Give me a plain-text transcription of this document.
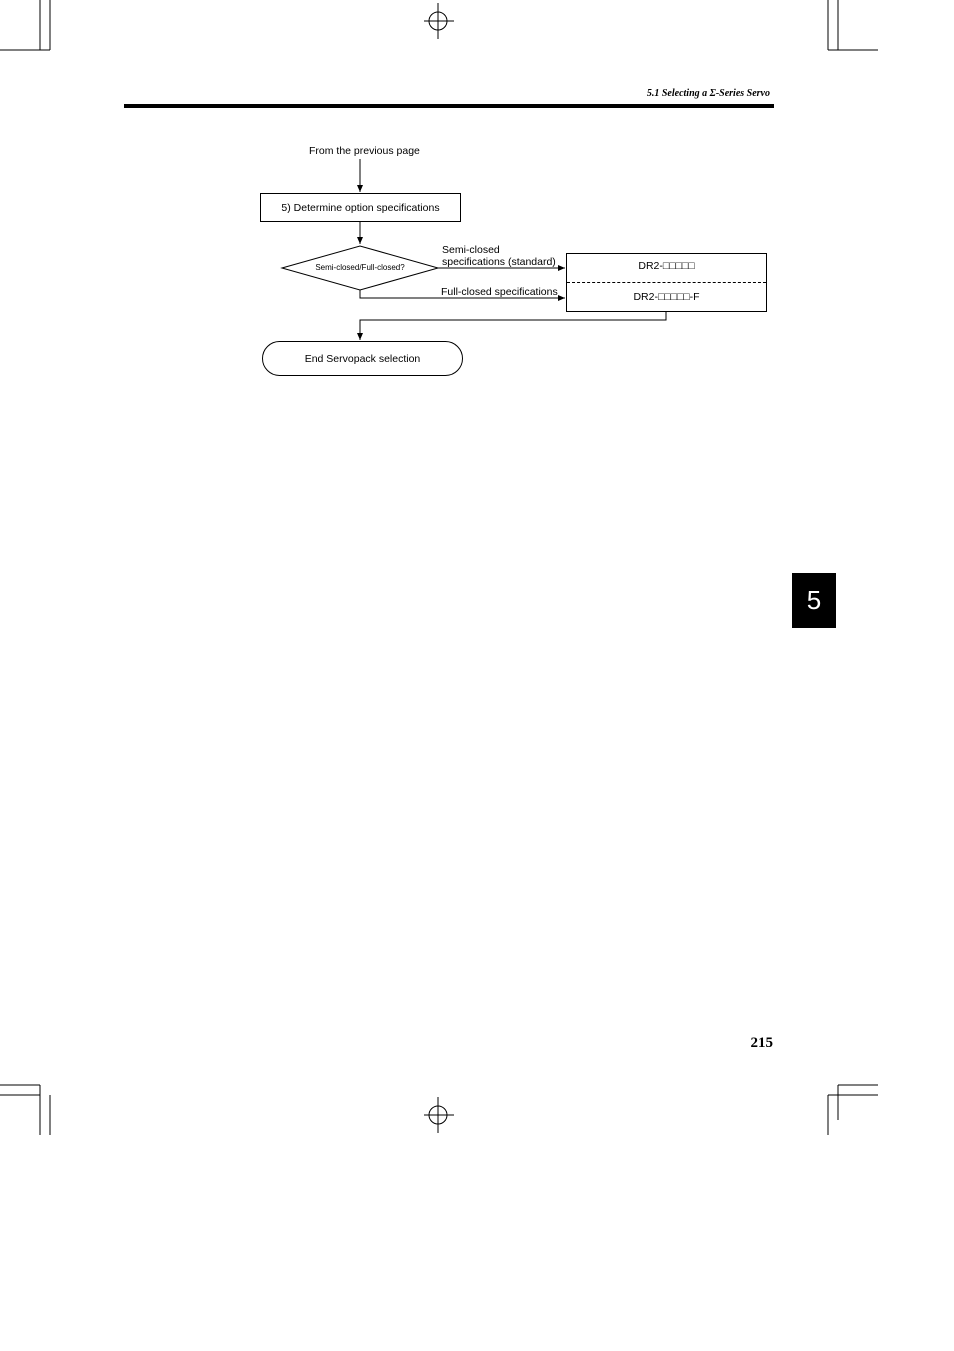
5.1 Selecting a Σ-Series Servo
From the previous page
5) Determine option specifications
Semi-closed/Full-closed?
Semi-closed
specifications (standard)
Full-closed specifications
DR2-□□□□□
DR2-□□□□□-F
End Servopack selection
5
215
